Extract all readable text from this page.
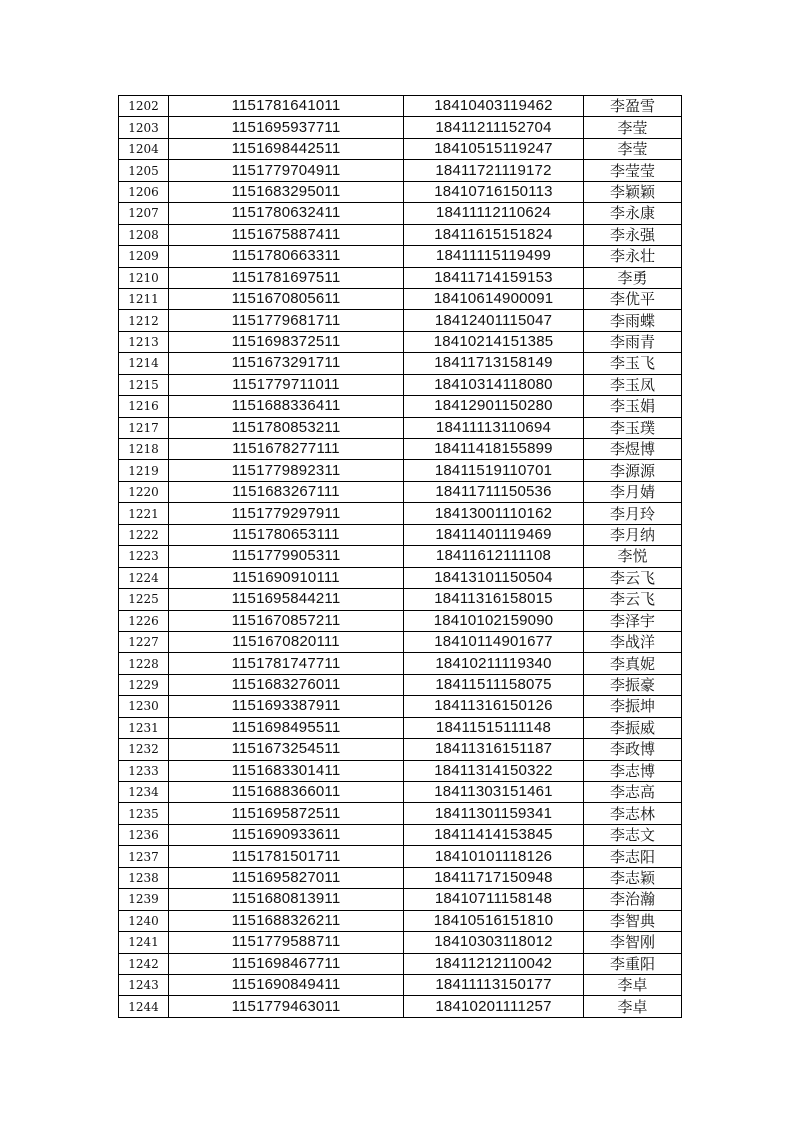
1202	1151781641011	18410403119462	李盈雪
1203	1151695937711	18411211152704	李莹
1204	1151698442511	18410515119247	李莹
1205	1151779704911	18411721119172	李莹莹
1206	1151683295011	18410716150113	李颖颖
1207	1151780632411	18411112110624	李永康
1208	1151675887411	18411615151824	李永强
1209	1151780663311	18411115119499	李永壮
1210	1151781697511	18411714159153	李勇
1211	1151670805611	18410614900091	李优平
1212	1151779681711	18412401115047	李雨蝶
1213	1151698372511	18410214151385	李雨青
1214	1151673291711	18411713158149	李玉飞
1215	1151779711011	18410314118080	李玉凤
1216	1151688336411	18412901150280	李玉娟
1217	1151780853211	18411113110694	李玉璞
1218	1151678277111	18411418155899	李煜博
1219	1151779892311	18411519110701	李源源
1220	1151683267111	18411711150536	李月婧
1221	1151779297911	18413001110162	李月玲
1222	1151780653111	18411401119469	李月纳
1223	1151779905311	18411612111108	李悦
1224	1151690910111	18413101150504	李云飞
1225	1151695844211	18411316158015	李云飞
1226	1151670857211	18410102159090	李泽宇
1227	1151670820111	18410114901677	李战洋
1228	1151781747711	18410211119340	李真妮
1229	1151683276011	18411511158075	李振豪
1230	1151693387911	18411316150126	李振坤
1231	1151698495511	18411515111148	李振威
1232	1151673254511	18411316151187	李政博
1233	1151683301411	18411314150322	李志博
1234	1151688366011	18411303151461	李志高
1235	1151695872511	18411301159341	李志林
1236	1151690933611	18411414153845	李志文
1237	1151781501711	18410101118126	李志阳
1238	1151695827011	18411717150948	李志颖
1239	1151680813911	18410711158148	李治瀚
1240	1151688326211	18410516151810	李智典
1241	1151779588711	18410303118012	李智刚
1242	1151698467711	18411212110042	李重阳
1243	1151690849411	18411113150177	李卓
1244	1151779463011	18410201111257	李卓
